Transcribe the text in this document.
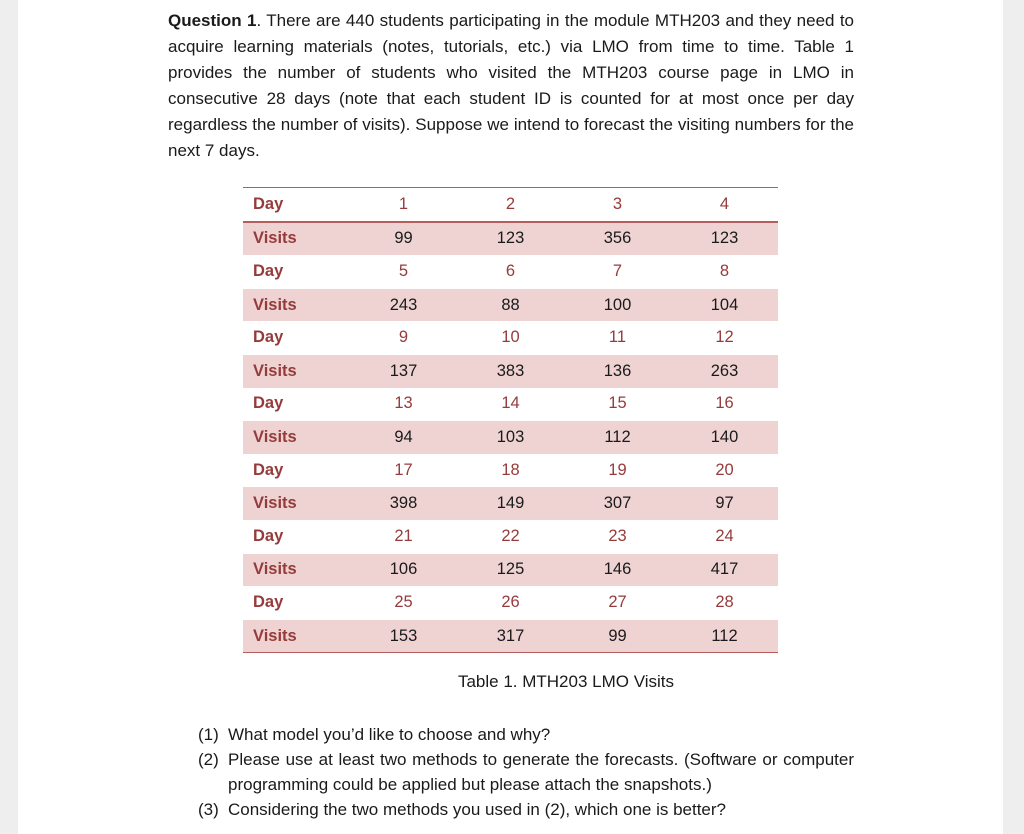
Question 1. There are 440 students participating in the module MTH203 and they need to acquire learning materials (notes, tutorials, etc.) via LMO from time to time. Table 1 provides the number of students who visited the MTH203 course page in LMO in consecutive 28 days (note that each student ID is counted for at most once per day regardless the number of visits). Suppose we intend to forecast the visiting numbers for the next 7 days.

Day	1	2	3	4
Visits	99	123	356	123
Day	5	6	7	8
Visits	243	88	100	104
Day	9	10	11	12
Visits	137	383	136	263
Day	13	14	15	16
Visits	94	103	112	140
Day	17	18	19	20
Visits	398	149	307	97
Day	21	22	23	24
Visits	106	125	146	417
Day	25	26	27	28
Visits	153	317	99	112

Table 1. MTH203 LMO Visits

(1) What model you’d like to choose and why?
(2) Please use at least two methods to generate the forecasts. (Software or computer programming could be applied but please attach the snapshots.)
(3) Considering the two methods you used in (2), which one is better?
